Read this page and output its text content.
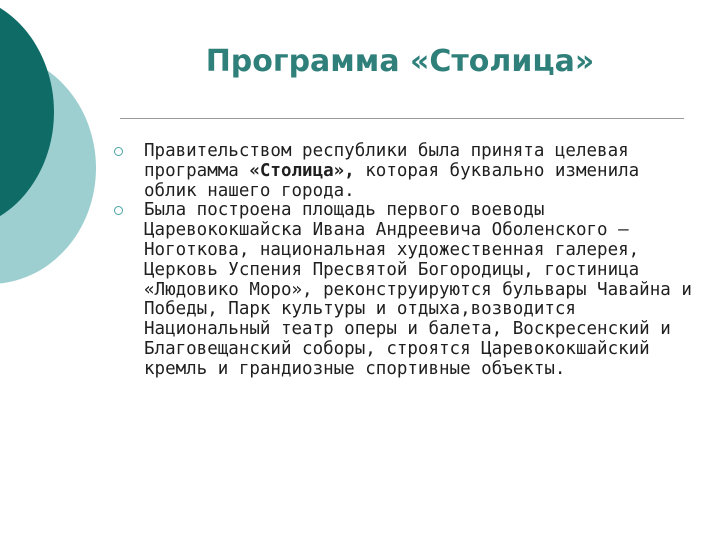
Программа «Столица»
Правительством республики была принята целевая программа «Столица», которая буквально изменила облик нашего города.
Была построена площадь первого воеводы Царевококшайска Ивана Андреевича Оболенского – Ноготкова, национальная художественная галерея, Церковь Успения Пресвятой Богородицы, гостиница «Людовико Моро», реконструируются бульвары Чавайна и Победы, Парк культуры и отдыха,возводится Национальный театр оперы и балета, Воскресенский и Благовещанский соборы, строятся Царевококшайский кремль и грандиозные спортивные объекты.
